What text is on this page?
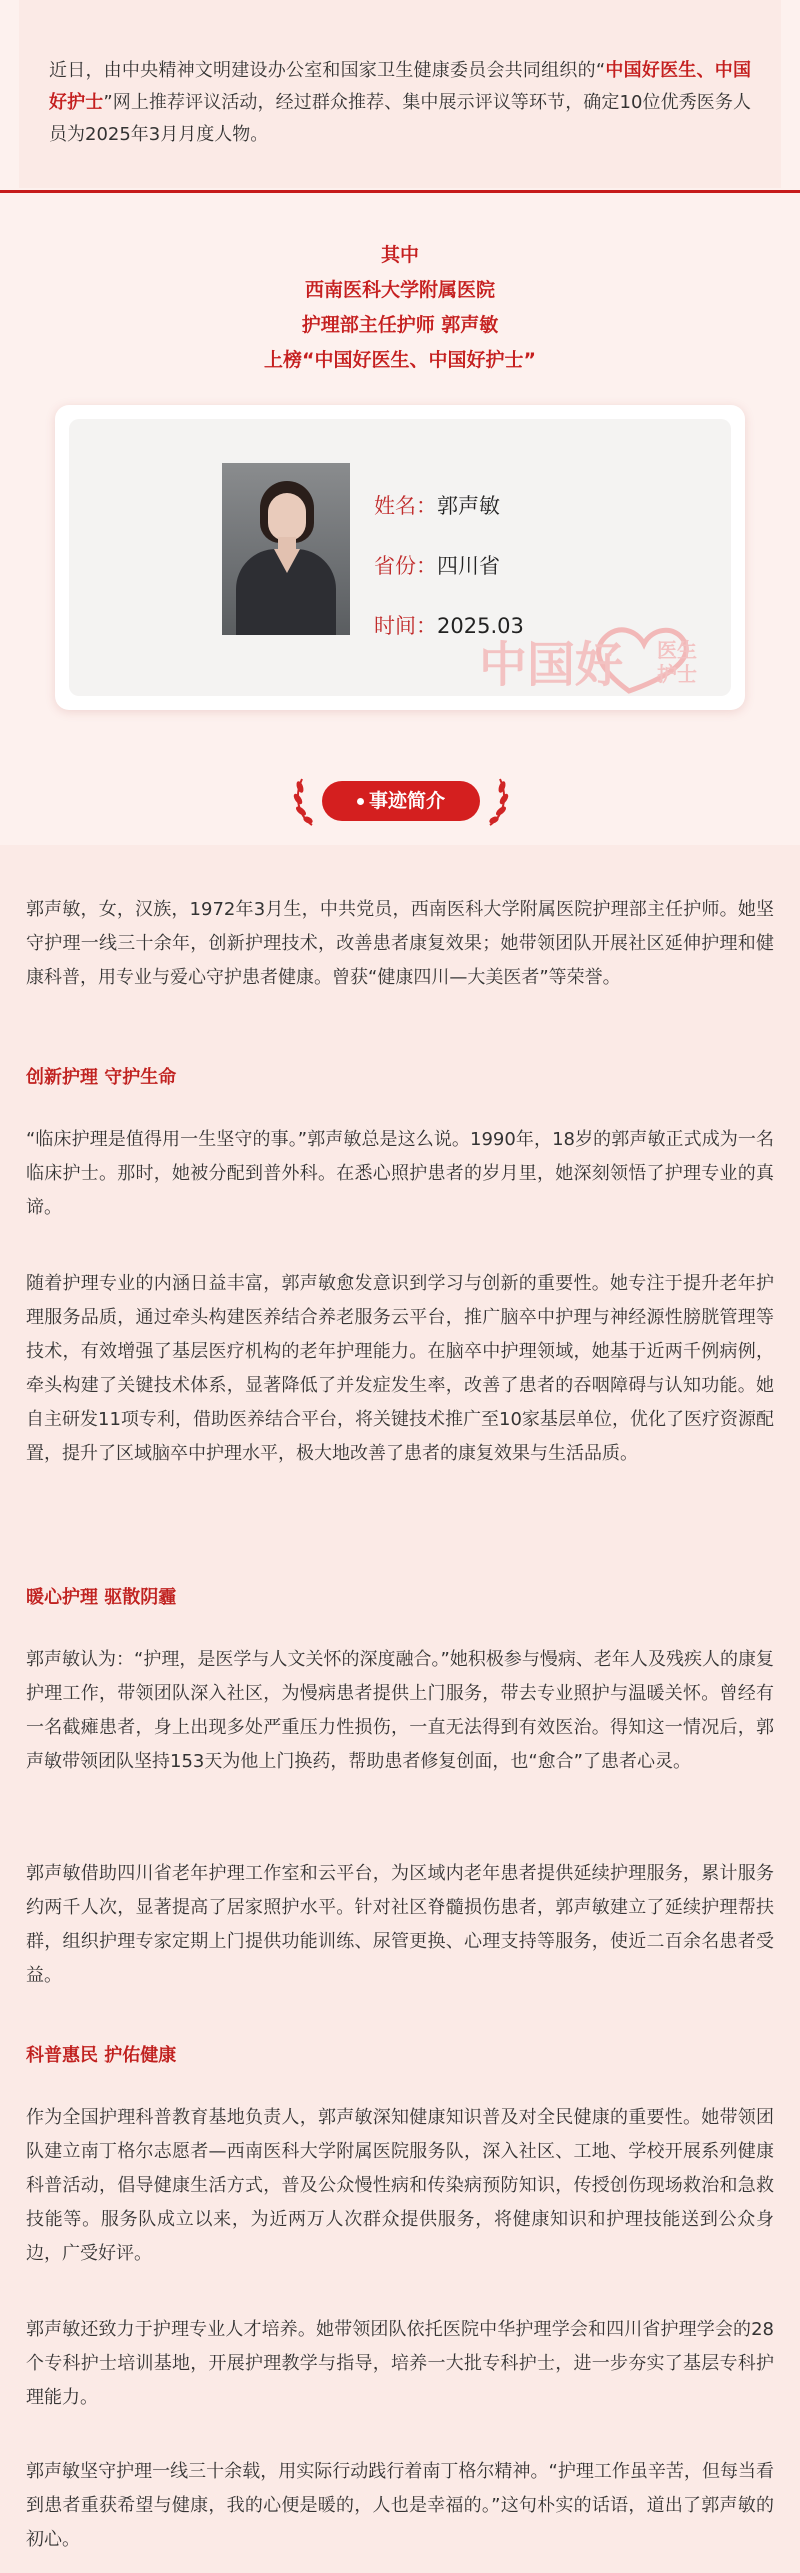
近日，由中央精神文明建设办公室和国家卫生健康委员会共同组织的“中国好医生、中国好护士”网上推荐评议活动，经过群众推荐、集中展示评议等环节，确定10位优秀医务人员为2025年3月月度人物。

其中
西南医科大学附属医院
护理部主任护师 郭声敏
上榜“中国好医生、中国好护士”
姓名：郭声敏
省份：四川省
时间：2025.03
中国好 医生
护士
事迹简介

郭声敏，女，汉族，1972年3月生，中共党员，西南医科大学附属医院护理部主任护师。她坚守护理一线三十余年，创新护理技术，改善患者康复效果；她带领团队开展社区延伸护理和健康科普，用专业与爱心守护患者健康。曾获“健康四川—大美医者”等荣誉。

创新护理 守护生命

“临床护理是值得用一生坚守的事。”郭声敏总是这么说。1990年，18岁的郭声敏正式成为一名临床护士。那时，她被分配到普外科。在悉心照护患者的岁月里，她深刻领悟了护理专业的真谛。

随着护理专业的内涵日益丰富，郭声敏愈发意识到学习与创新的重要性。她专注于提升老年护理服务品质，通过牵头构建医养结合养老服务云平台，推广脑卒中护理与神经源性膀胱管理等技术，有效增强了基层医疗机构的老年护理能力。在脑卒中护理领域，她基于近两千例病例，牵头构建了关键技术体系，显著降低了并发症发生率，改善了患者的吞咽障碍与认知功能。她自主研发11项专利，借助医养结合平台，将关键技术推广至10家基层单位，优化了医疗资源配置，提升了区域脑卒中护理水平，极大地改善了患者的康复效果与生活品质。

暖心护理 驱散阴霾

郭声敏认为：“护理，是医学与人文关怀的深度融合。”她积极参与慢病、老年人及残疾人的康复护理工作，带领团队深入社区，为慢病患者提供上门服务，带去专业照护与温暖关怀。曾经有一名截瘫患者，身上出现多处严重压力性损伤，一直无法得到有效医治。得知这一情况后，郭声敏带领团队坚持153天为他上门换药，帮助患者修复创面，也“愈合”了患者心灵。

郭声敏借助四川省老年护理工作室和云平台，为区域内老年患者提供延续护理服务，累计服务约两千人次，显著提高了居家照护水平。针对社区脊髓损伤患者，郭声敏建立了延续护理帮扶群，组织护理专家定期上门提供功能训练、尿管更换、心理支持等服务，使近二百余名患者受益。

科普惠民 护佑健康

作为全国护理科普教育基地负责人，郭声敏深知健康知识普及对全民健康的重要性。她带领团队建立南丁格尔志愿者—西南医科大学附属医院服务队，深入社区、工地、学校开展系列健康科普活动，倡导健康生活方式，普及公众慢性病和传染病预防知识，传授创伤现场救治和急救技能等。服务队成立以来，为近两万人次群众提供服务，将健康知识和护理技能送到公众身边，广受好评。

郭声敏还致力于护理专业人才培养。她带领团队依托医院中华护理学会和四川省护理学会的28个专科护士培训基地，开展护理教学与指导，培养一大批专科护士，进一步夯实了基层专科护理能力。

郭声敏坚守护理一线三十余载，用实际行动践行着南丁格尔精神。“护理工作虽辛苦，但每当看到患者重获希望与健康，我的心便是暖的，人也是幸福的。”这句朴实的话语，道出了郭声敏的初心。
